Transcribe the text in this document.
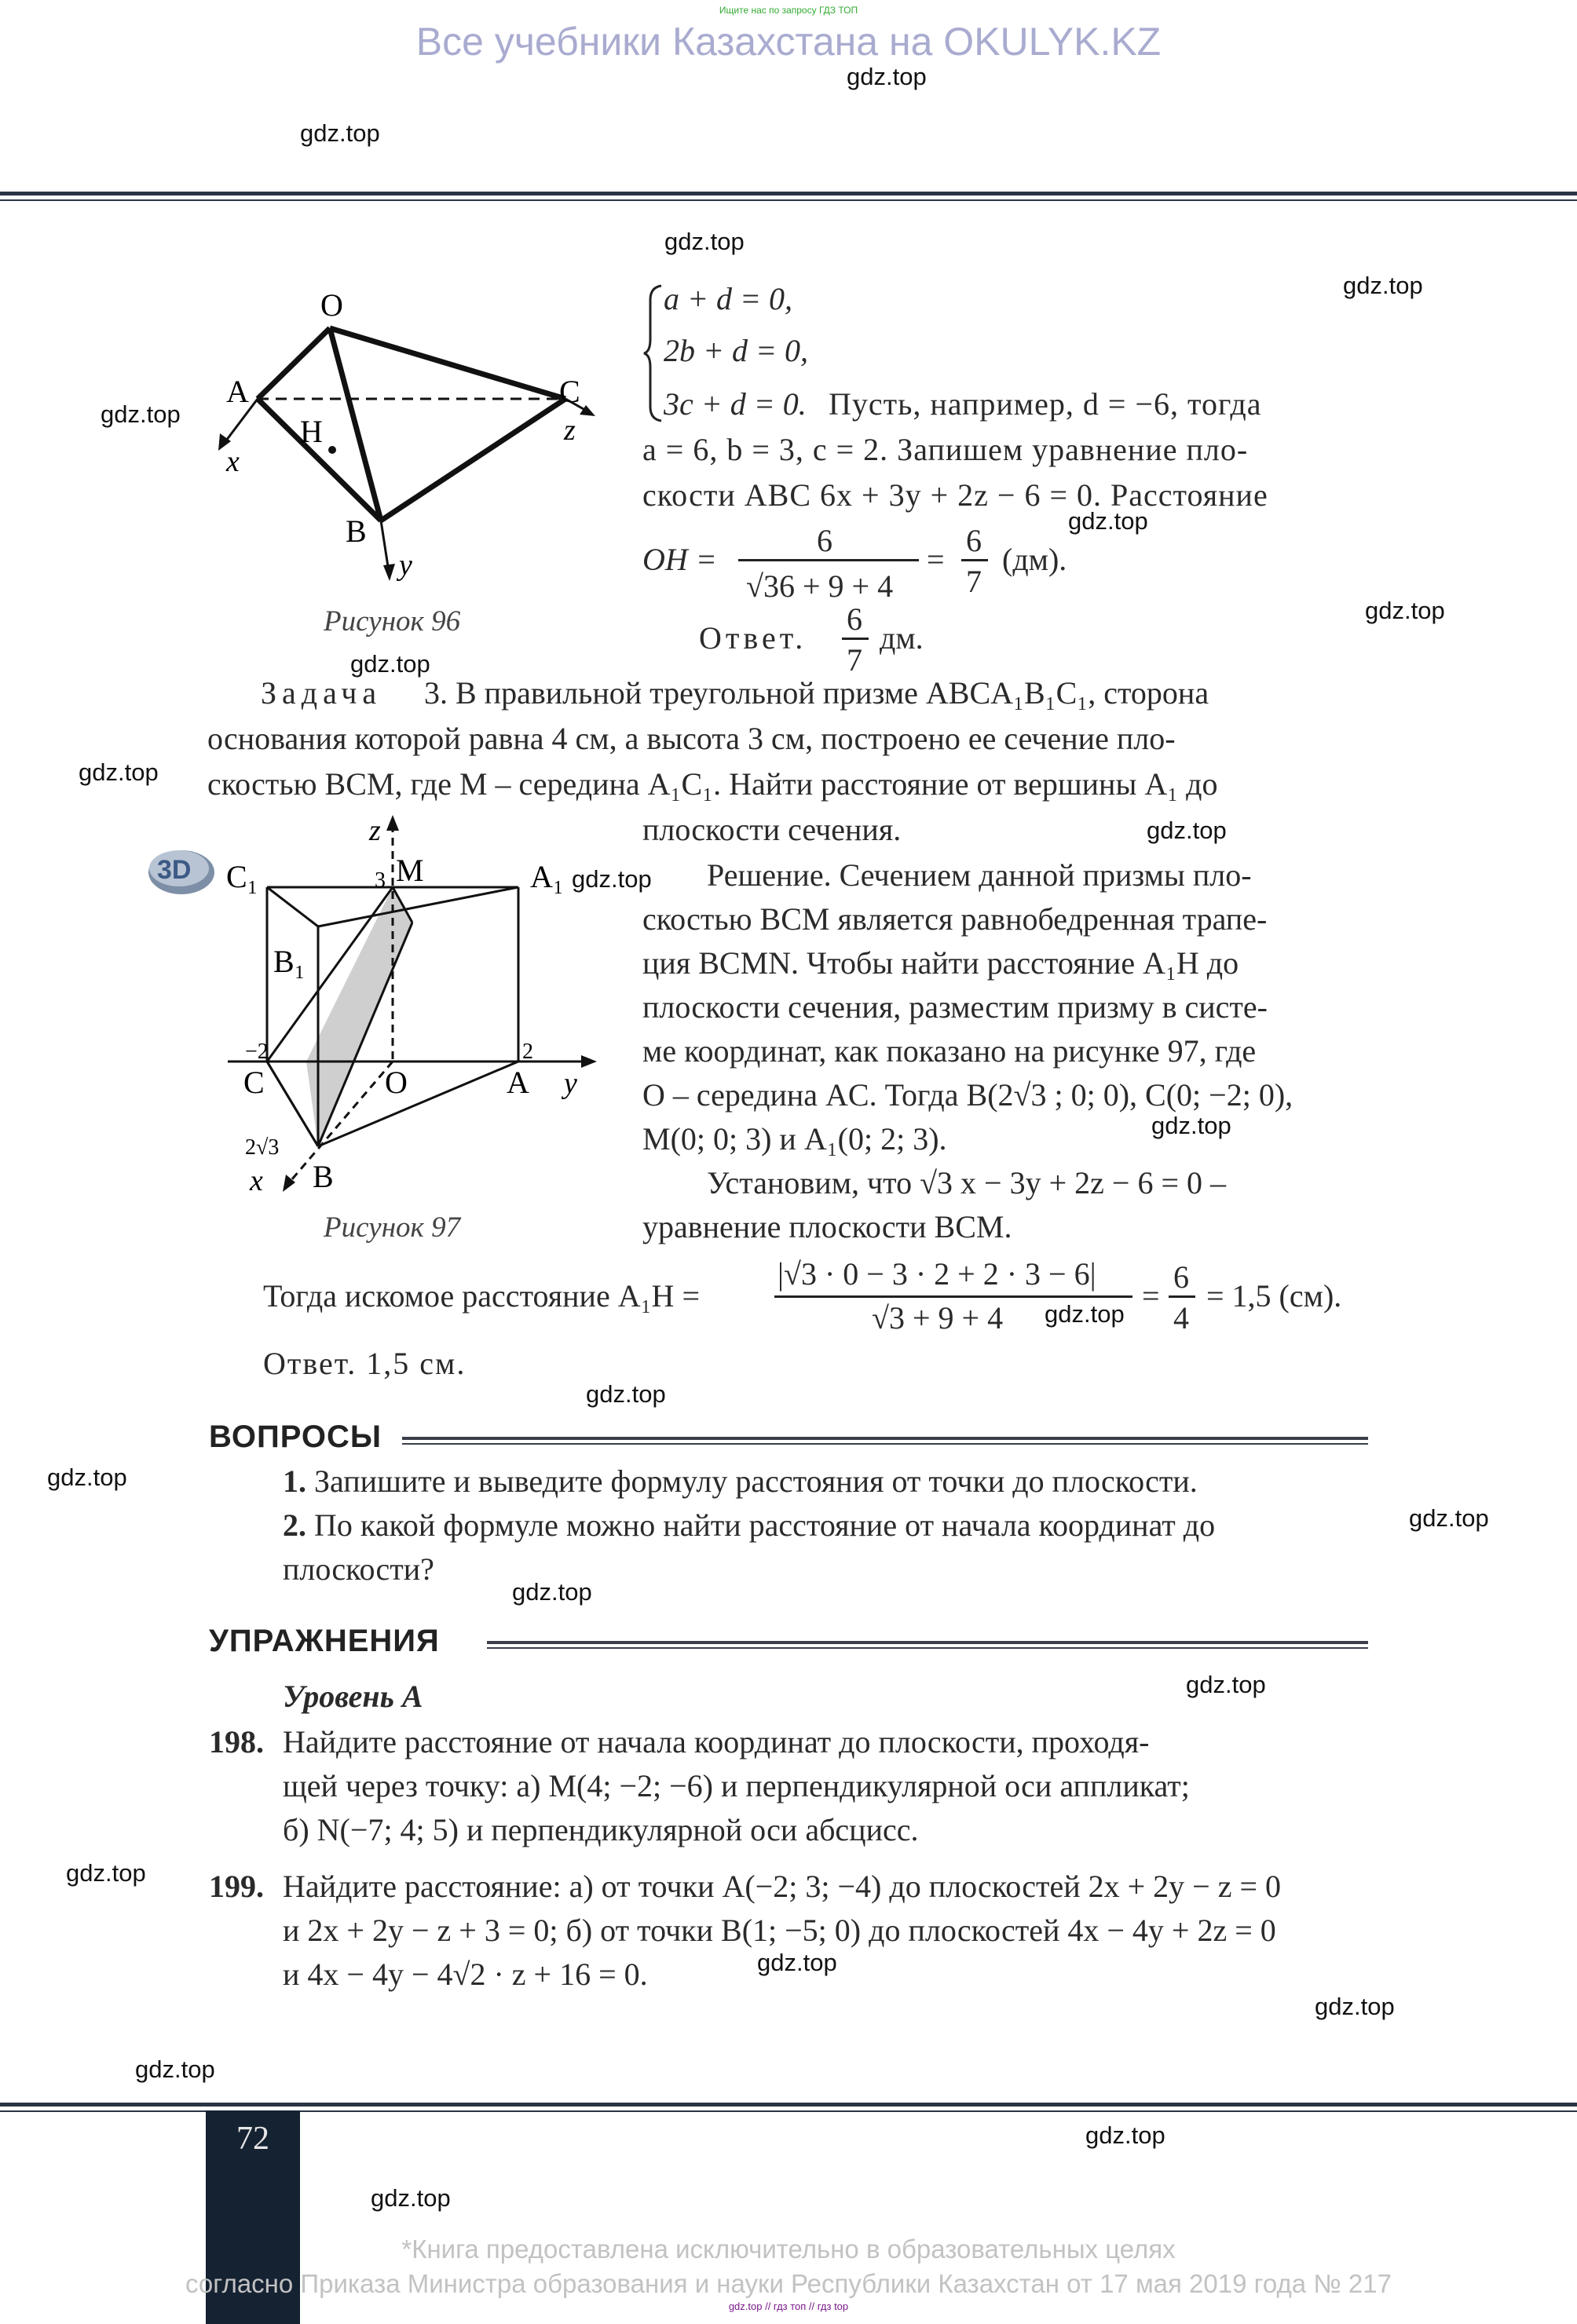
Ищите нас по запросу ГДЗ ТОП
Все учебники Казахстана на OKULYK.KZ
O
A	C
H
B
x
z
y
Рисунок 96
a + d = 0,
2b + d = 0,
3c + d = 0. Пусть, например, d = −6, тогда
a = 6, b = 3, c = 2. Запишем уравнение пло-
скости ABC 6x + 3y + 2z − 6 = 0. Расстояние
OH =
6
√36 + 9 + 4
=
6
7
(дм).
Ответ.
6
7
дм.
Задача 3. В правильной треугольной призме ABCA₁B₁C₁, сторона
основания которой равна 4 см, а высота 3 см, построено ее сечение пло-
скостью BCM, где M – середина A₁C₁. Найти расстояние от вершины A₁ до
плоскости сечения.
3D
z
3 M
C₁	A₁
B₁
−2	2
C	O	A y
2√3
x B
Рисунок 97
Решение. Сечением данной призмы пло-
скостью BCM является равнобедренная трапе-
ция BCMN. Чтобы найти расстояние A₁H до
плоскости сечения, разместим призму в систе-
ме координат, как показано на рисунке 97, где
O – середина AC. Тогда B(2√3 ; 0; 0), C(0; −2; 0),
M(0; 0; 3) и A₁(0; 2; 3).
Установим, что √3 x − 3y + 2z − 6 = 0 –
уравнение плоскости BCM.
Тогда искомое расстояние A₁H =
|√3 · 0 − 3 · 2 + 2 · 3 − 6|
√3 + 9 + 4
=
6
4
= 1,5 (см).
Ответ. 1,5 см.
ВОПРОСЫ
1. Запишите и выведите формулу расстояния от точки до плоскости.
2. По какой формуле можно найти расстояние от начала координат до
плоскости?
УПРАЖНЕНИЯ
Уровень А
198. Найдите расстояние от начала координат до плоскости, проходя-
щей через точку: а) M(4; −2; −6) и перпендикулярной оси аппликат;
б) N(−7; 4; 5) и перпендикулярной оси абсцисс.
199. Найдите расстояние: а) от точки A(−2; 3; −4) до плоскостей 2x + 2y − z = 0
и 2x + 2y − z + 3 = 0; б) от точки B(1; −5; 0) до плоскостей 4x − 4y + 2z = 0
и 4x − 4y − 4√2 · z + 16 = 0.
72
*Книга предоставлена исключительно в образовательных целях
согласно Приказа Министра образования и науки Республики Казахстан от 17 мая 2019 года № 217
gdz.top // гдз топ // гдз top
gdz.top
gdz.top
gdz.top
gdz.top
gdz.top
gdz.top
gdz.top
gdz.top
gdz.top
gdz.top
gdz.top
gdz.top
gdz.top
gdz.top
gdz.top
gdz.top
gdz.top
gdz.top
gdz.top
gdz.top
gdz.top
gdz.top
gdz.top
gdz.top
